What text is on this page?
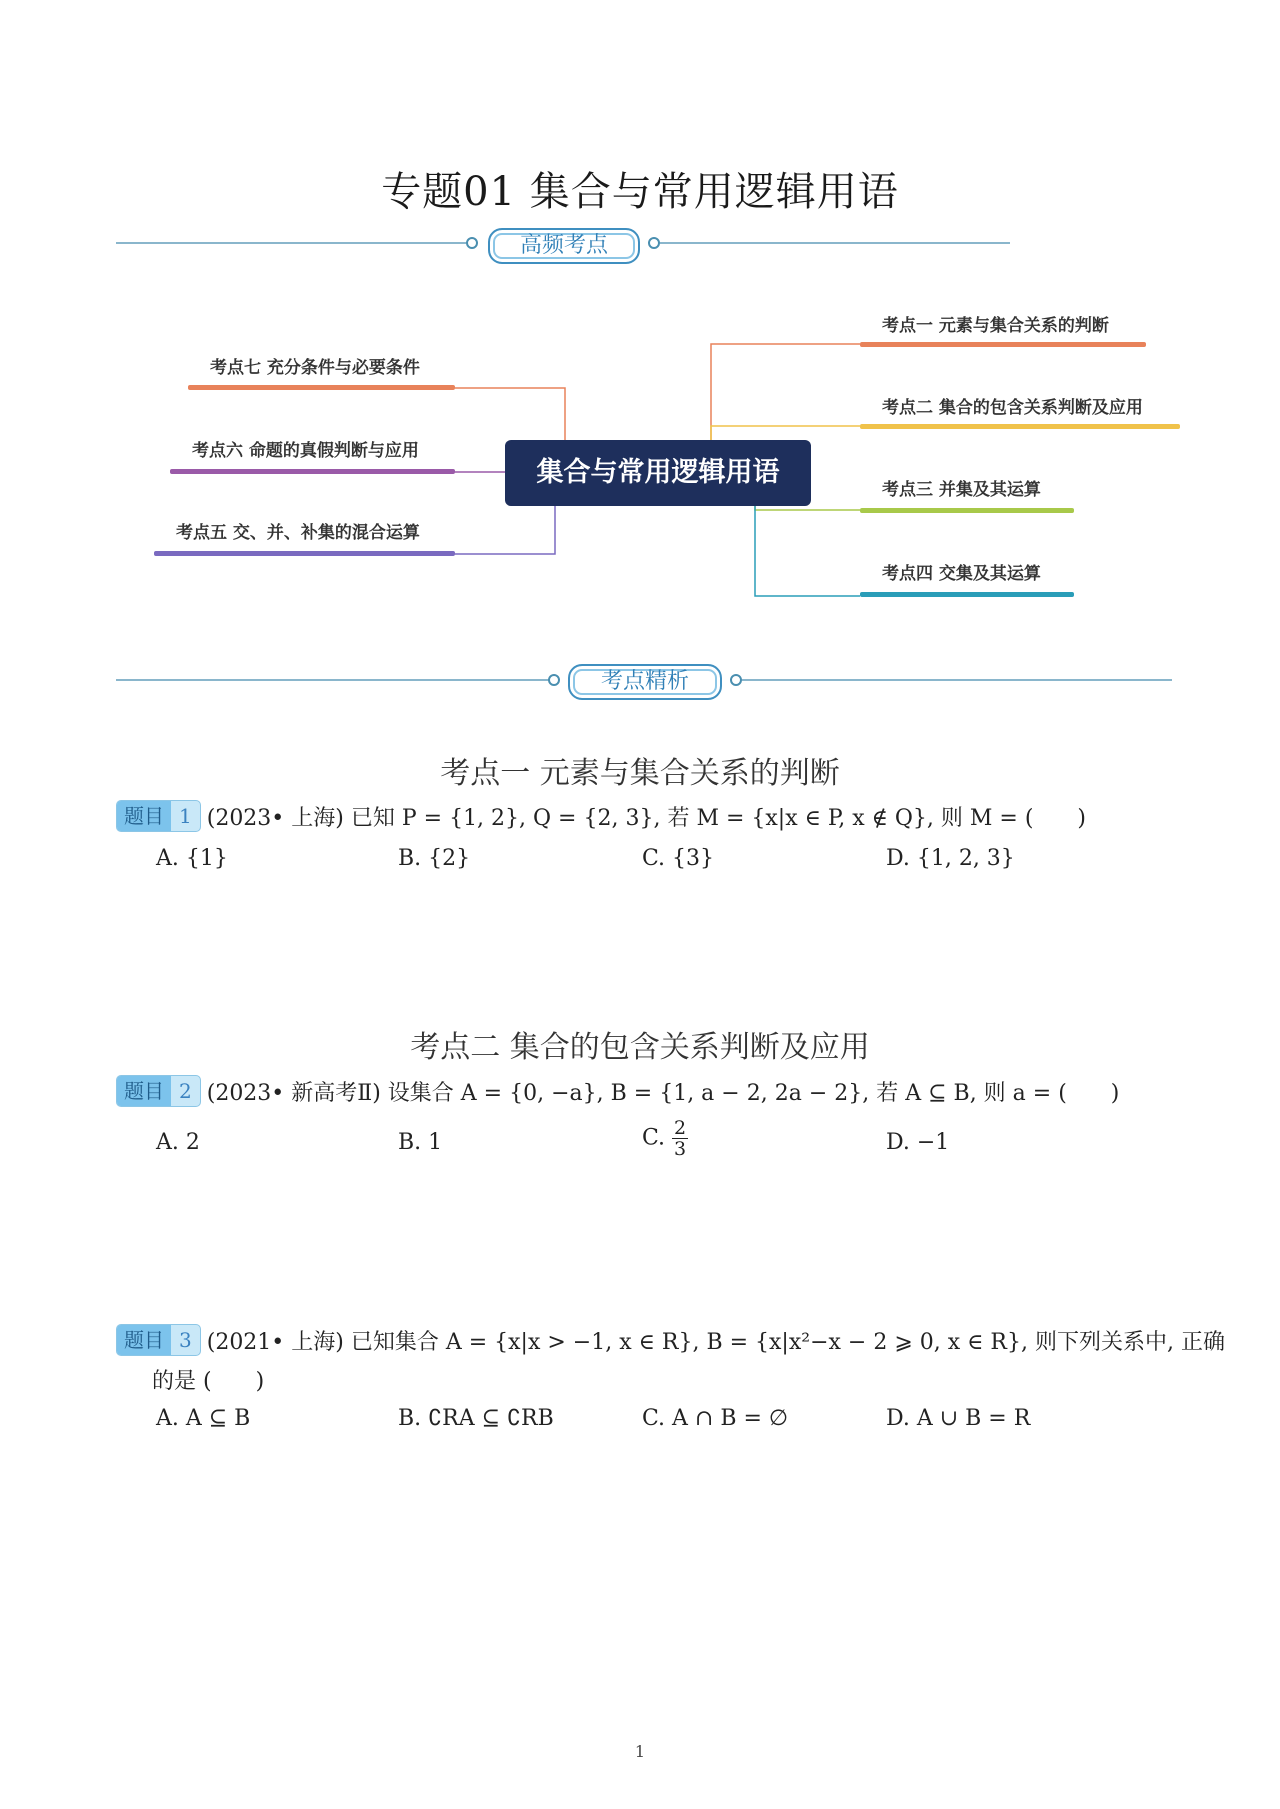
专题01 集合与常用逻辑用语
高频考点
集合与常用逻辑用语
考点一 元素与集合关系的判断
考点二 集合的包含关系判断及应用
考点三 并集及其运算
考点四 交集及其运算
考点七 充分条件与必要条件
考点六 命题的真假判断与应用
考点五 交、并、补集的混合运算
考点精析
考点一 元素与集合关系的判断
题目 1 (2023• 上海) 已知 P = {1, 2}, Q = {2, 3}, 若 M = {x|x ∈ P, x ∉ Q}, 则 M = (　　)
A. {1}	B. {2}	C. {3}	D. {1, 2, 3}
考点二 集合的包含关系判断及应用
题目 2 (2023• 新高考Ⅱ) 设集合 A = {0, −a}, B = {1, a − 2, 2a − 2}, 若 A ⊆ B, 则 a = (　　)
A. 2	B. 1	C. $\frac{2}{3}$	D. −1
题目 3 (2021• 上海) 已知集合 A = {x|x > −1, x ∈ R}, B = {x|x²−x − 2 ⩾ 0, x ∈ R}, 则下列关系中, 正确
的是 (　　)
A. A ⊆ B	B. ∁RA ⊆ ∁RB	C. A ∩ B = ∅	D. A ∪ B = R
1
